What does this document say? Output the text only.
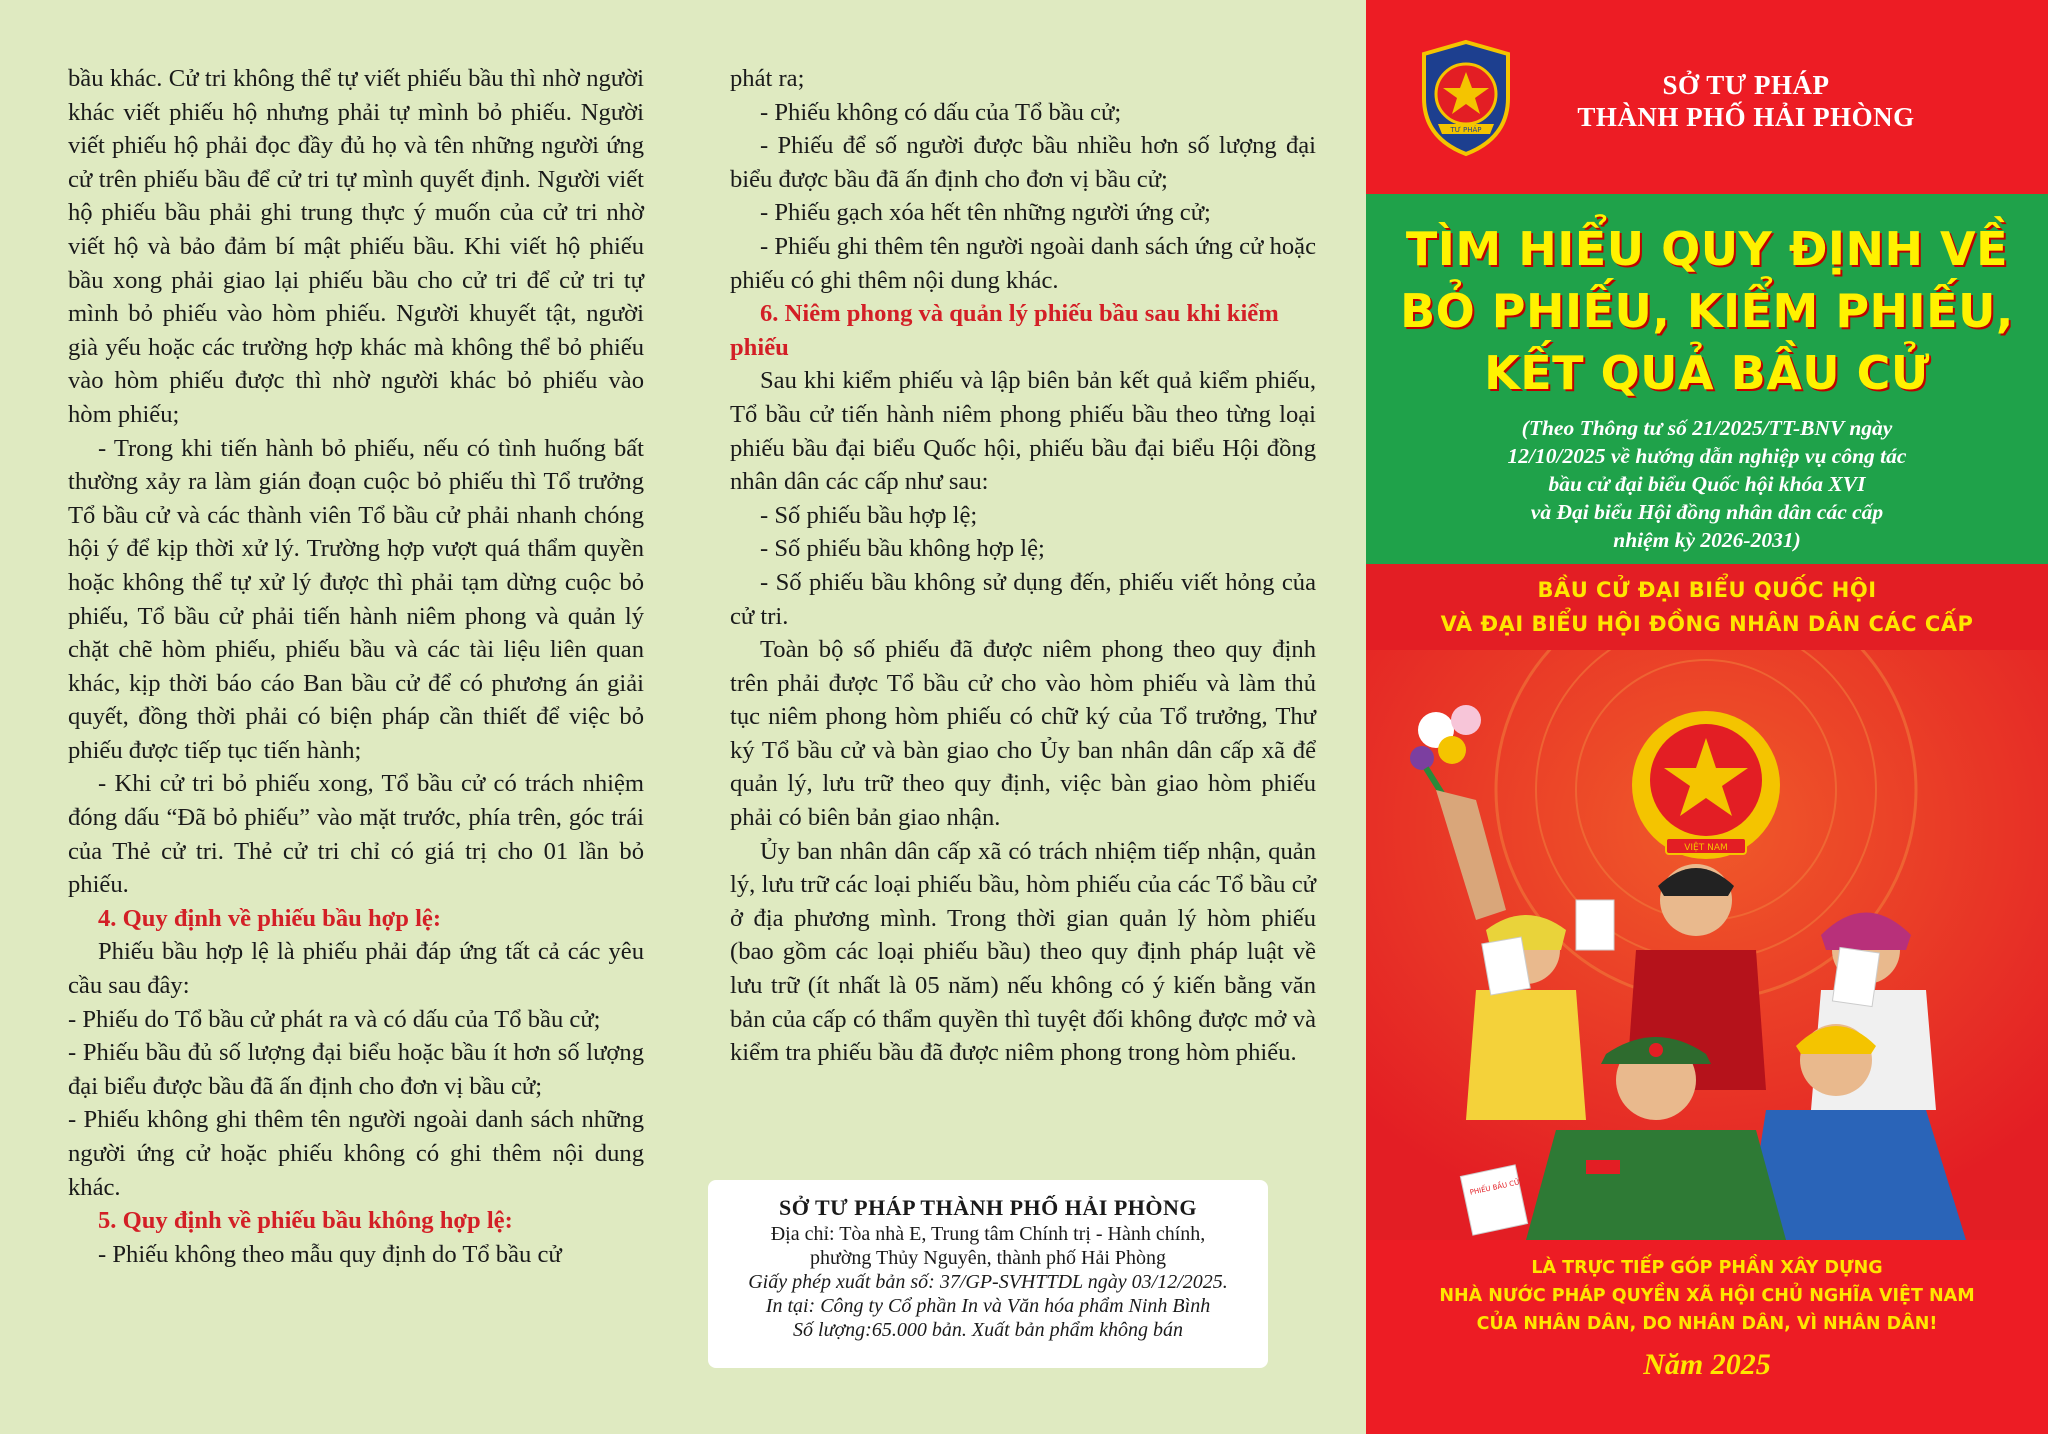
bầu khác. Cử tri không thể tự viết phiếu bầu thì nhờ người khác viết phiếu hộ nhưng phải tự mình bỏ phiếu. Người viết phiếu hộ phải đọc đầy đủ họ và tên những người ứng cử trên phiếu bầu để cử tri tự mình quyết định. Người viết hộ phiếu bầu phải ghi trung thực ý muốn của cử tri nhờ viết hộ và bảo đảm bí mật phiếu bầu. Khi viết hộ phiếu bầu xong phải giao lại phiếu bầu cho cử tri để cử tri tự mình bỏ phiếu vào hòm phiếu. Người khuyết tật, người già yếu hoặc các trường hợp khác mà không thể bỏ phiếu vào hòm phiếu được thì nhờ người khác bỏ phiếu vào hòm phiếu;

- Trong khi tiến hành bỏ phiếu, nếu có tình huống bất thường xảy ra làm gián đoạn cuộc bỏ phiếu thì Tổ trưởng Tổ bầu cử và các thành viên Tổ bầu cử phải nhanh chóng hội ý để kịp thời xử lý. Trường hợp vượt quá thẩm quyền hoặc không thể tự xử lý được thì phải tạm dừng cuộc bỏ phiếu, Tổ bầu cử phải tiến hành niêm phong và quản lý chặt chẽ hòm phiếu, phiếu bầu và các tài liệu liên quan khác, kịp thời báo cáo Ban bầu cử để có phương án giải quyết, đồng thời phải có biện pháp cần thiết để việc bỏ phiếu được tiếp tục tiến hành;

- Khi cử tri bỏ phiếu xong, Tổ bầu cử có trách nhiệm đóng dấu “Đã bỏ phiếu” vào mặt trước, phía trên, góc trái của Thẻ cử tri. Thẻ cử tri chỉ có giá trị cho 01 lần bỏ phiếu.

4. Quy định về phiếu bầu hợp lệ:

Phiếu bầu hợp lệ là phiếu phải đáp ứng tất cả các yêu cầu sau đây:

- Phiếu do Tổ bầu cử phát ra và có dấu của Tổ bầu cử;

- Phiếu bầu đủ số lượng đại biểu hoặc bầu ít hơn số lượng đại biểu được bầu đã ấn định cho đơn vị bầu cử;

- Phiếu không ghi thêm tên người ngoài danh sách những người ứng cử hoặc phiếu không có ghi thêm nội dung khác.

5. Quy định về phiếu bầu không hợp lệ:

- Phiếu không theo mẫu quy định do Tổ bầu cử

phát ra;

- Phiếu không có dấu của Tổ bầu cử;

- Phiếu để số người được bầu nhiều hơn số lượng đại biểu được bầu đã ấn định cho đơn vị bầu cử;

- Phiếu gạch xóa hết tên những người ứng cử;

- Phiếu ghi thêm tên người ngoài danh sách ứng cử hoặc phiếu có ghi thêm nội dung khác.

6. Niêm phong và quản lý phiếu bầu sau khi kiểm phiếu

Sau khi kiểm phiếu và lập biên bản kết quả kiểm phiếu, Tổ bầu cử tiến hành niêm phong phiếu bầu theo từng loại phiếu bầu đại biểu Quốc hội, phiếu bầu đại biểu Hội đồng nhân dân các cấp như sau:

- Số phiếu bầu hợp lệ;

- Số phiếu bầu không hợp lệ;

- Số phiếu bầu không sử dụng đến, phiếu viết hỏng của cử tri.

Toàn bộ số phiếu đã được niêm phong theo quy định trên phải được Tổ bầu cử cho vào hòm phiếu và làm thủ tục niêm phong hòm phiếu có chữ ký của Tổ trưởng, Thư ký Tổ bầu cử và bàn giao cho Ủy ban nhân dân cấp xã để quản lý, lưu trữ theo quy định, việc bàn giao hòm phiếu phải có biên bản giao nhận.

Ủy ban nhân dân cấp xã có trách nhiệm tiếp nhận, quản lý, lưu trữ các loại phiếu bầu, hòm phiếu của các Tổ bầu cử ở địa phương mình. Trong thời gian quản lý hòm phiếu (bao gồm các loại phiếu bầu) theo quy định pháp luật về lưu trữ (ít nhất là 05 năm) nếu không có ý kiến bằng văn bản của cấp có thẩm quyền thì tuyệt đối không được mở và kiểm tra phiếu bầu đã được niêm phong trong hòm phiếu.

SỞ TƯ PHÁP THÀNH PHỐ HẢI PHÒNG
Địa chỉ: Tòa nhà E, Trung tâm Chính trị - Hành chính,
phường Thủy Nguyên, thành phố Hải Phòng
Giấy phép xuất bản số: 37/GP-SVHTTDL ngày 03/12/2025.
In tại: Công ty Cổ phần In và Văn hóa phẩm Ninh Bình
Số lượng:65.000 bản. Xuất bản phẩm không bán
TƯ PHÁP
SỞ TƯ PHÁP
THÀNH PHỐ HẢI PHÒNG
TÌM HIỂU QUY ĐỊNH VỀ
BỎ PHIẾU, KIỂM PHIẾU,
KẾT QUẢ BẦU CỬ
(Theo Thông tư số 21/2025/TT-BNV ngày
12/10/2025 về hướng dẫn nghiệp vụ công tác
bầu cử đại biểu Quốc hội khóa XVI
và Đại biểu Hội đồng nhân dân các cấp
nhiệm kỳ 2026-2031)
BẦU CỬ ĐẠI BIỂU QUỐC HỘI
VÀ ĐẠI BIỂU HỘI ĐỒNG NHÂN DÂN CÁC CẤP
VIỆT NAM
PHIẾU BẦU CỬ
LÀ TRỰC TIẾP GÓP PHẦN XÂY DỰNG
NHÀ NƯỚC PHÁP QUYỀN XÃ HỘI CHỦ NGHĨA VIỆT NAM
CỦA NHÂN DÂN, DO NHÂN DÂN, VÌ NHÂN DÂN!
Năm 2025
